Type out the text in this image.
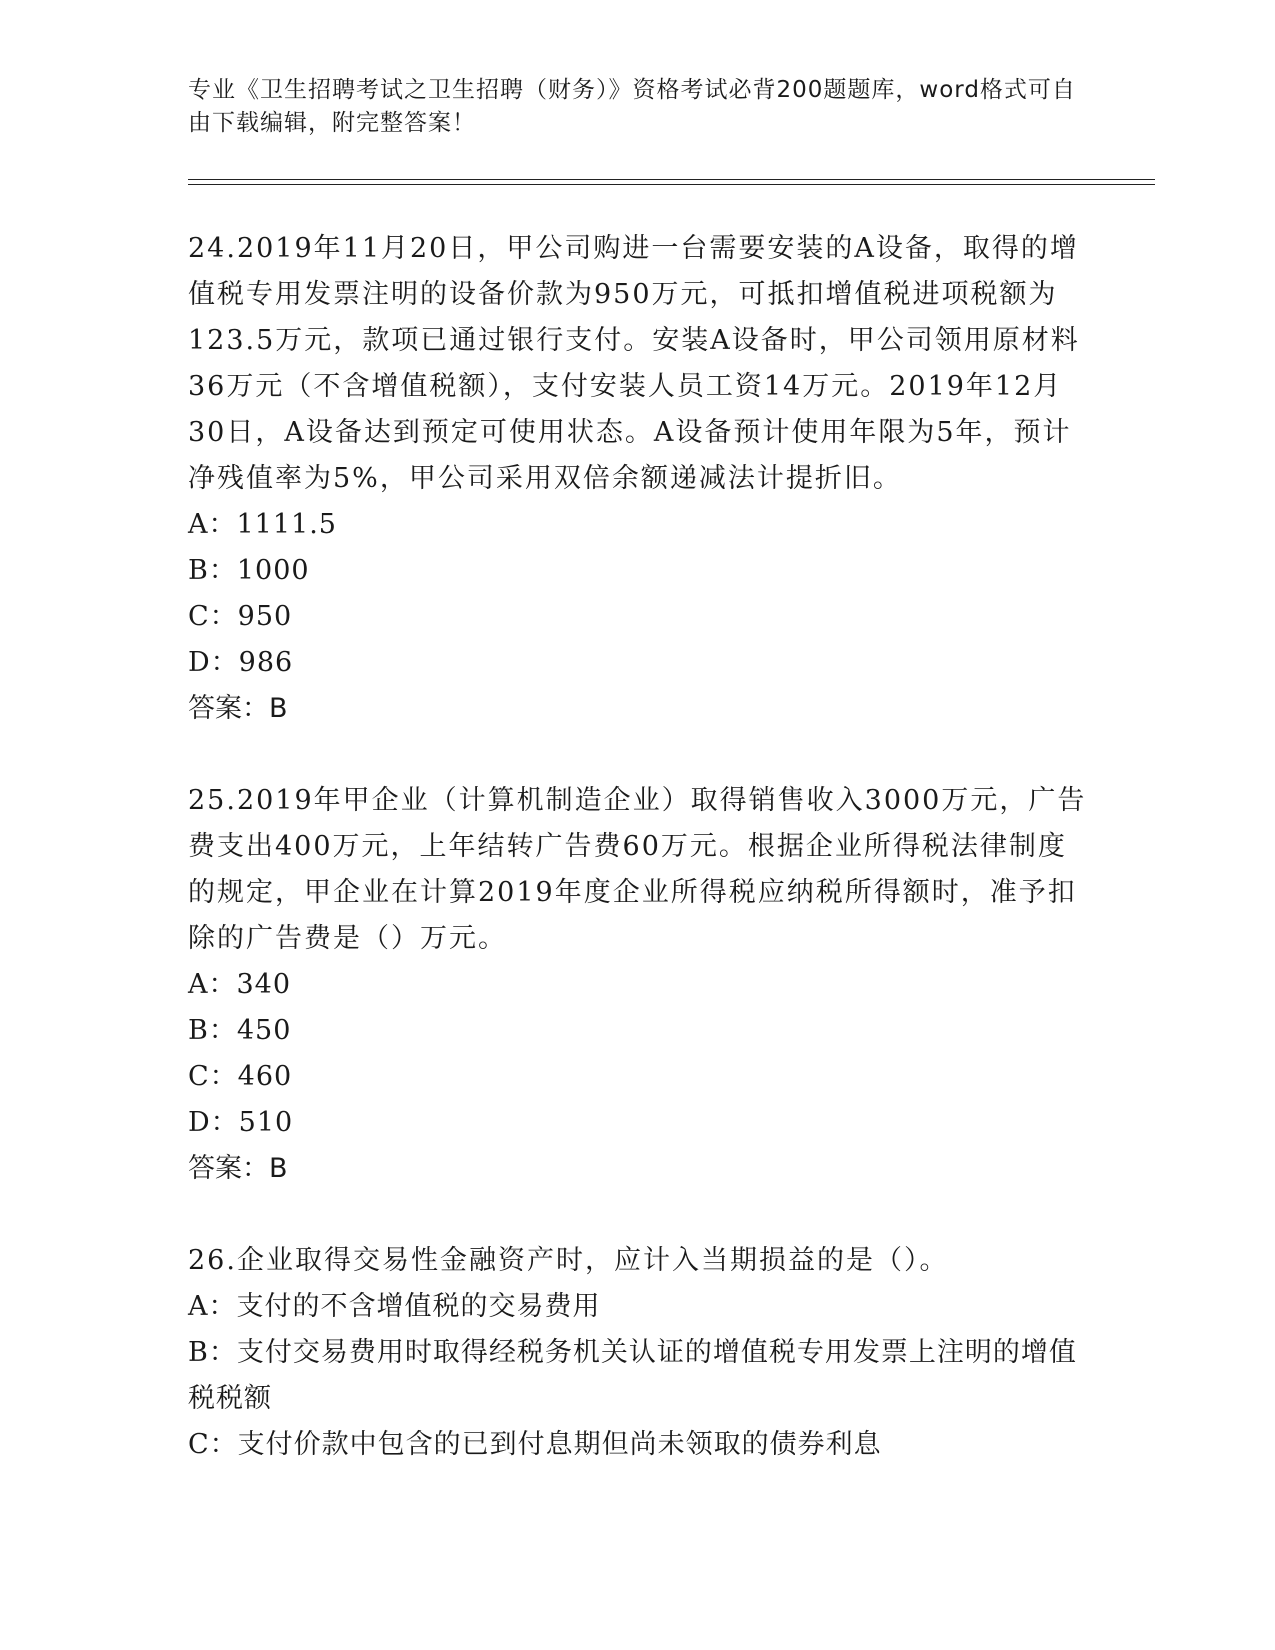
专业《卫生招聘考试之卫生招聘（财务）》资格考试必背200题题库，word格式可自由下载编辑，附完整答案！

24.2019年11月20日，甲公司购进一台需要安装的A设备，取得的增值税专用发票注明的设备价款为950万元，可抵扣增值税进项税额为123.5万元，款项已通过银行支付。安装A设备时，甲公司领用原材料36万元（不含增值税额），支付安装人员工资14万元。2019年12月30日，A设备达到预定可使用状态。A设备预计使用年限为5年，预计净残值率为5%，甲公司采用双倍余额递减法计提折旧。

A：1111.5

B：1000

C：950

D：986

答案：B

25.2019年甲企业（计算机制造企业）取得销售收入3000万元，广告费支出400万元，上年结转广告费60万元。根据企业所得税法律制度的规定，甲企业在计算2019年度企业所得税应纳税所得额时，准予扣除的广告费是（）万元。

A：340

B：450

C：460

D：510

答案：B

26.企业取得交易性金融资产时，应计入当期损益的是（）。

A：支付的不含增值税的交易费用

B：支付交易费用时取得经税务机关认证的增值税专用发票上注明的增值税税额

C：支付价款中包含的已到付息期但尚未领取的债券利息
